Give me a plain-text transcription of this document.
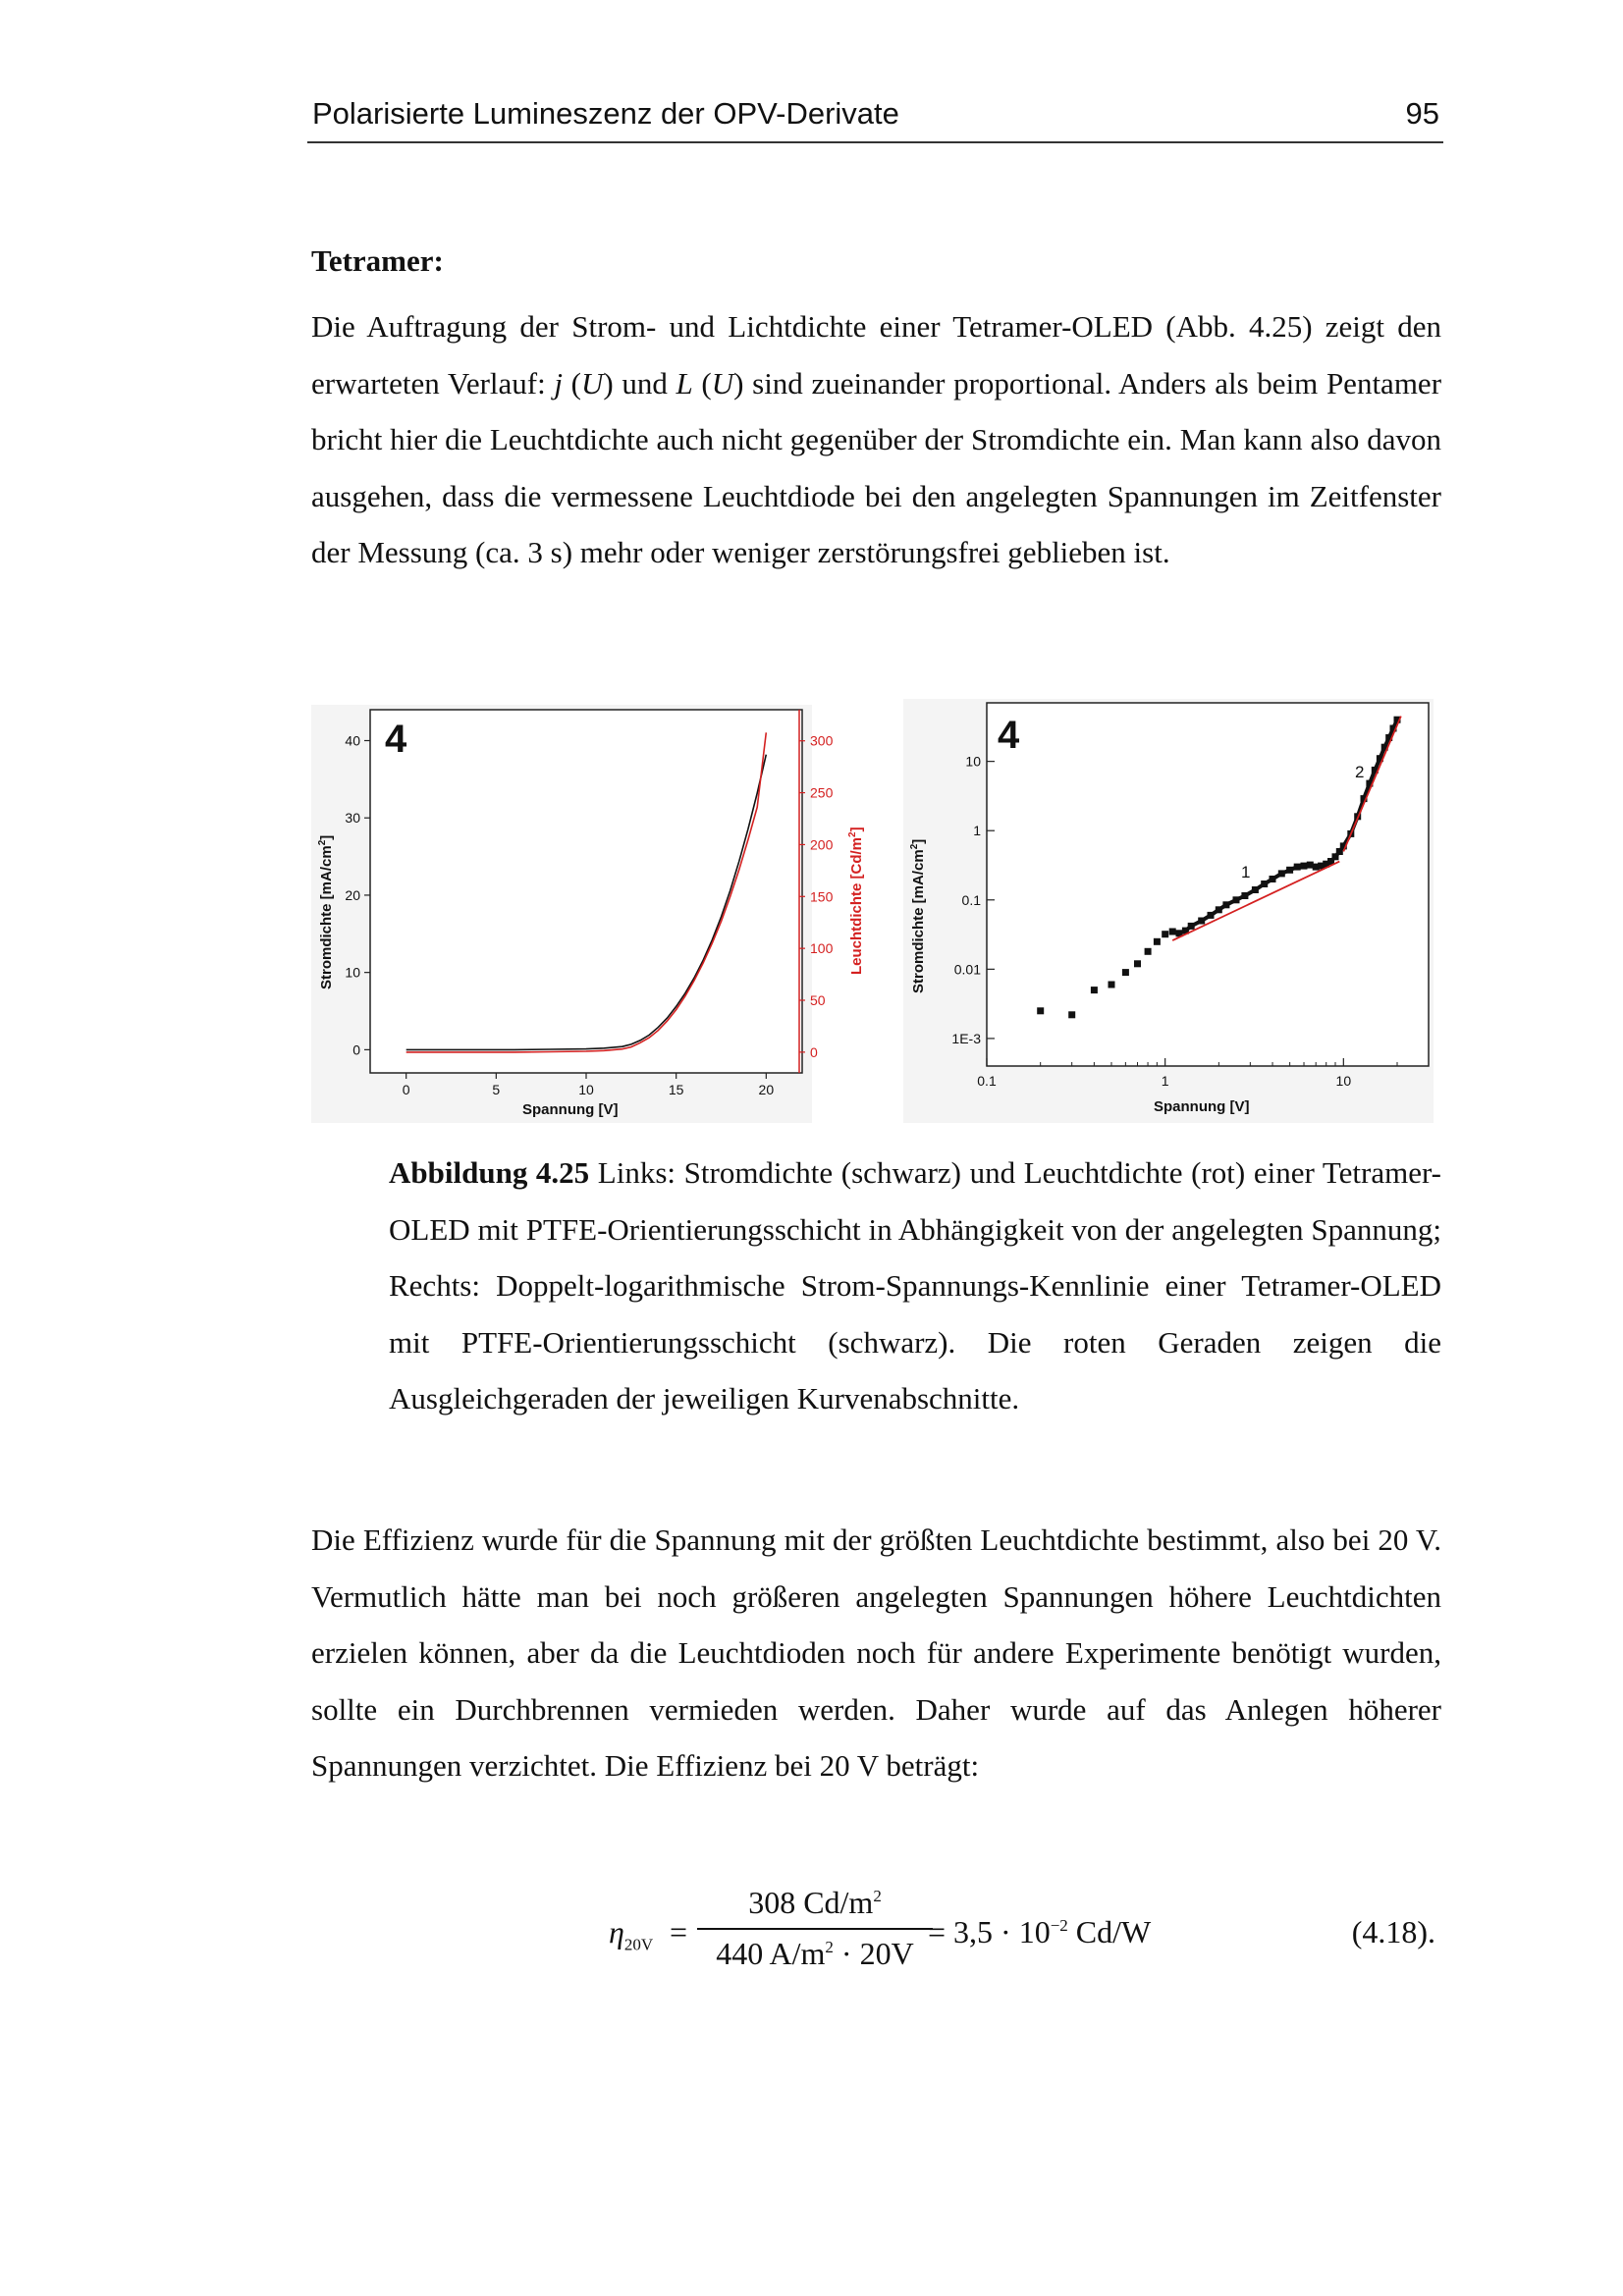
Polarisierte Lumineszenz der OPV-Derivate	95
Tetramer:

Die Auftragung der Strom- und Lichtdichte einer Tetramer-OLED (Abb. 4.25) zeigt den erwarteten Verlauf: j (U) und L (U) sind zueinander proportional. Anders als beim Pentamer bricht hier die Leuchtdichte auch nicht gegenüber der Stromdichte ein. Man kann also davon ausgehen, dass die vermessene Leuchtdiode bei den angelegten Spannungen im Zeitfenster der Messung (ca. 3 s) mehr oder weniger zerstörungsfrei geblieben ist.

4
0	5	10	15	20
0
10
20
30
40
0
50
100
150
200
250
300
Spannung [V]
Stromdichte $[mA/cm^2]$	Leuchtdichte $[Cd/m^2]$
4
0.1	1	10
1E-3
0.01
0.1
1
10
Spannung [V]
Stromdichte $[mA/cm^2]$
1
2

Abbildung 4.25 Links: Stromdichte (schwarz) und Leuchtdichte (rot) einer Tetramer-OLED mit PTFE-Orientierungsschicht in Abhängigkeit von der angelegten Spannung; Rechts: Doppelt-logarithmische Strom-Spannungs-Kennlinie einer Tetramer-OLED mit PTFE-Orientierungsschicht (schwarz). Die roten Geraden zeigen die Ausgleichgeraden der jeweiligen Kurvenabschnitte.

Die Effizienz wurde für die Spannung mit der größten Leuchtdichte bestimmt, also bei 20 V. Vermutlich hätte man bei noch größeren angelegten Spannungen höhere Leuchtdichten erzielen können, aber da die Leuchtdioden noch für andere Experimente benötigt wurden, sollte ein Durchbrennen vermieden werden. Daher wurde auf das Anlegen höherer Spannungen verzichtet. Die Effizienz bei 20 V beträgt:

$\eta_{20V}$ =
308 $Cd/m^2$
440 $A/m^2 \cdot 20V$
= $3,5 \cdot 10^{-2}$ Cd/W	(4.18).
